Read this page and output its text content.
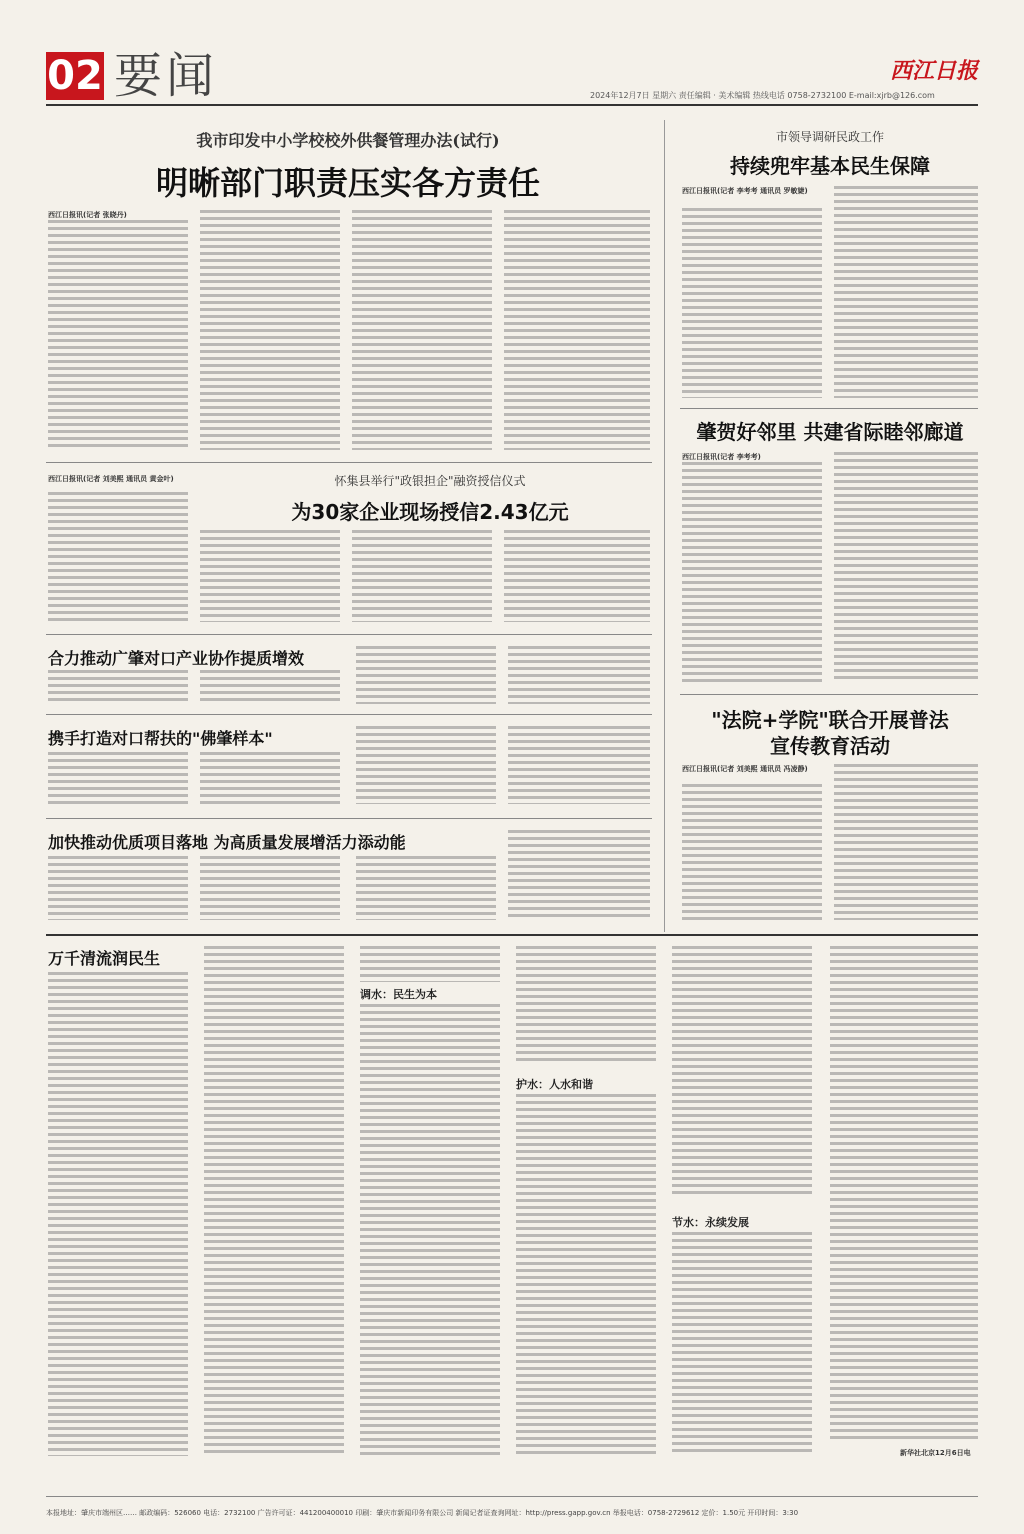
02 要闻	西江日报
2024年12月7日 星期六 责任编辑 · 美术编辑 热线电话 0758-2732100 E-mail:xjrb@126.com
我市印发中小学校校外供餐管理办法(试行)
明晰部门职责压实各方责任
西江日报讯(记者 张晓丹)
怀集县举行"政银担企"融资授信仪式
为30家企业现场授信2.43亿元
西江日报讯(记者 刘美熙 通讯员 黄金叶)
合力推动广肇对口产业协作提质增效
携手打造对口帮扶的"佛肇样本"
加快推动优质项目落地 为高质量发展增活力添动能
市领导调研民政工作
持续兜牢基本民生保障
西江日报讯(记者 李考考 通讯员 罗敏婕)
肇贺好邻里 共建省际睦邻廊道
西江日报讯(记者 李考考)
"法院+学院"联合开展普法
宣传教育活动
西江日报讯(记者 刘美熙 通讯员 冯凌静)
万千清流润民生
调水：民生为本
护水：人水和谐
节水：永续发展
新华社北京12月6日电
本报地址：肇庆市端州区…… 邮政编码：526060 电话：2732100 广告许可证：441200400010 印刷：肇庆市新闻印务有限公司 新闻记者证查询网址：http://press.gapp.gov.cn 举报电话：0758-2729612 定价：1.50元 开印时间：3:30
